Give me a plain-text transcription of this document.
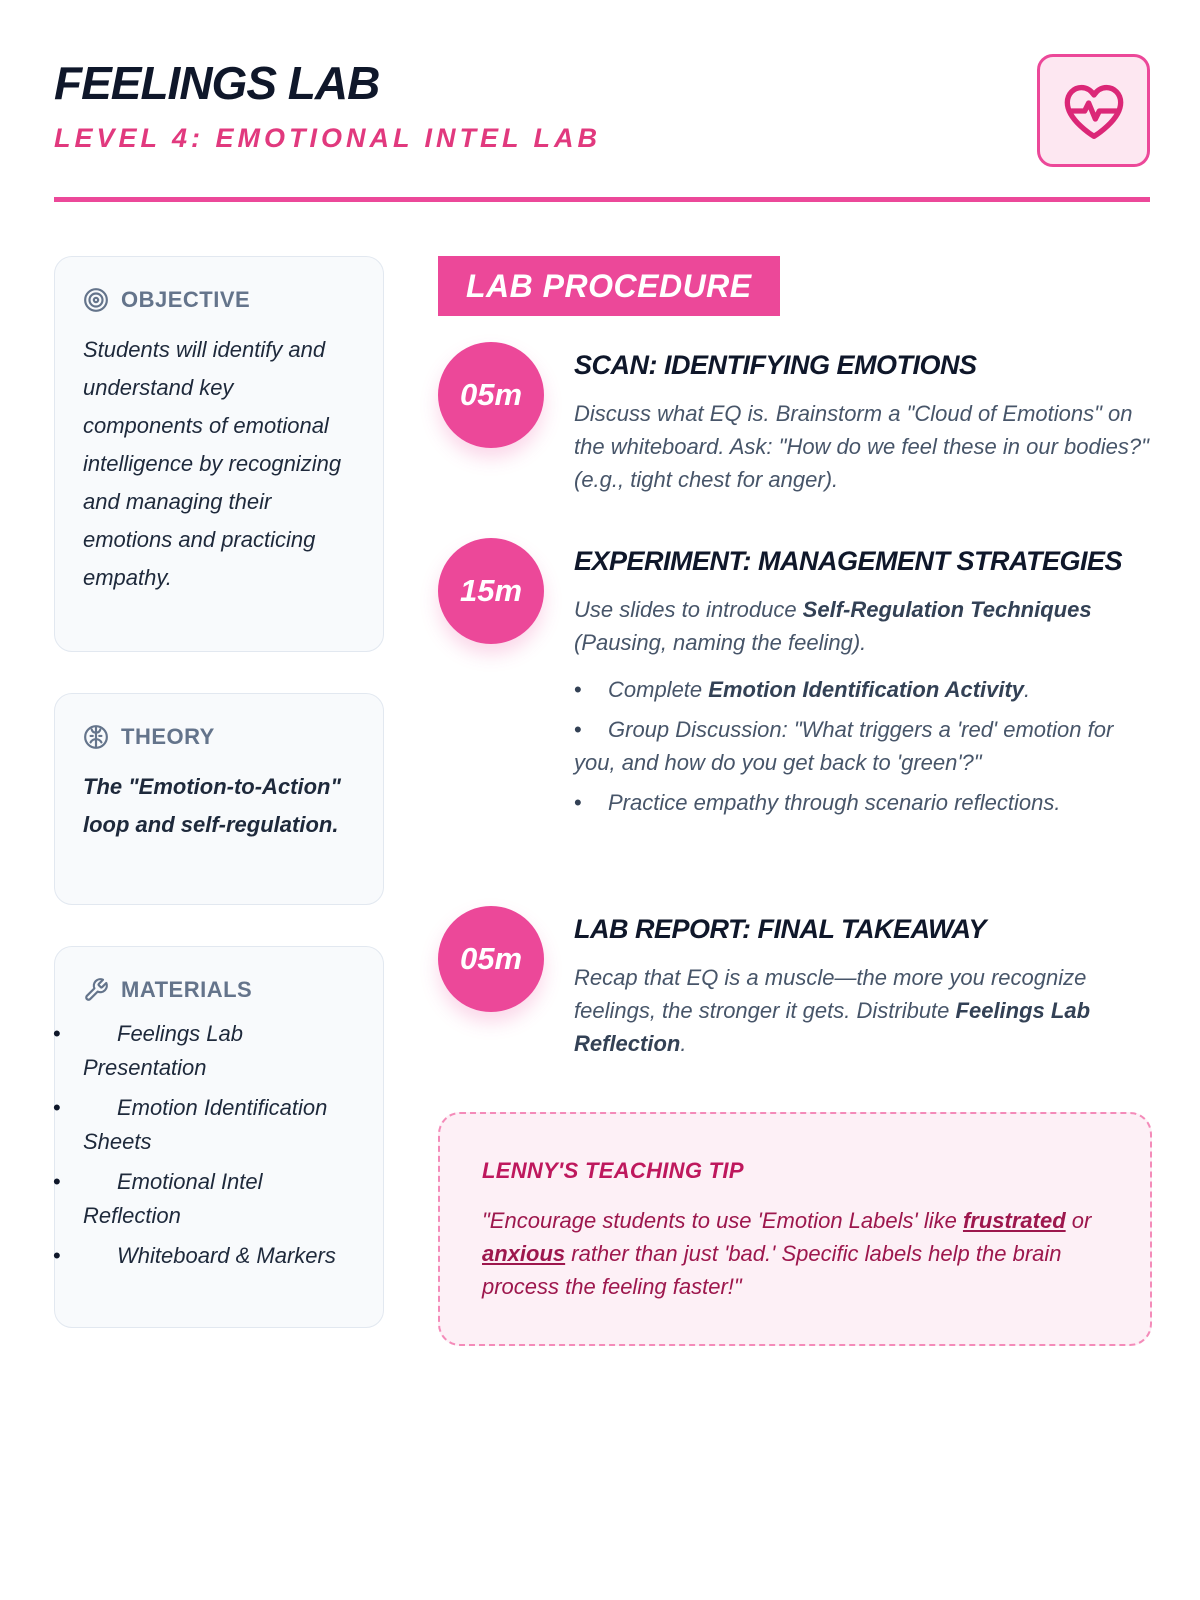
FEELINGS LAB
LEVEL 4: EMOTIONAL INTEL LAB
OBJECTIVE
Students will identify and understand key components of emotional intelligence by recognizing and managing their emotions and practicing empathy.
THEORY
The "Emotion-to-Action" loop and self-regulation.
MATERIALS
• Feelings Lab Presentation
• Emotion Identification Sheets
• Emotional Intel Reflection
• Whiteboard & Markers
LAB PROCEDURE
05m
SCAN: IDENTIFYING EMOTIONS
Discuss what EQ is. Brainstorm a "Cloud of Emotions" on the whiteboard. Ask: "How do we feel these in our bodies?" (e.g., tight chest for anger).
15m
EXPERIMENT: MANAGEMENT STRATEGIES
Use slides to introduce Self-Regulation Techniques (Pausing, naming the feeling).
• Complete Emotion Identification Activity.
• Group Discussion: "What triggers a 'red' emotion for you, and how do you get back to 'green'?"
• Practice empathy through scenario reflections.
05m
LAB REPORT: FINAL TAKEAWAY
Recap that EQ is a muscle—the more you recognize feelings, the stronger it gets. Distribute Feelings Lab Reflection.
LENNY'S TEACHING TIP
"Encourage students to use 'Emotion Labels' like frustrated or anxious rather than just 'bad.' Specific labels help the brain process the feeling faster!"
